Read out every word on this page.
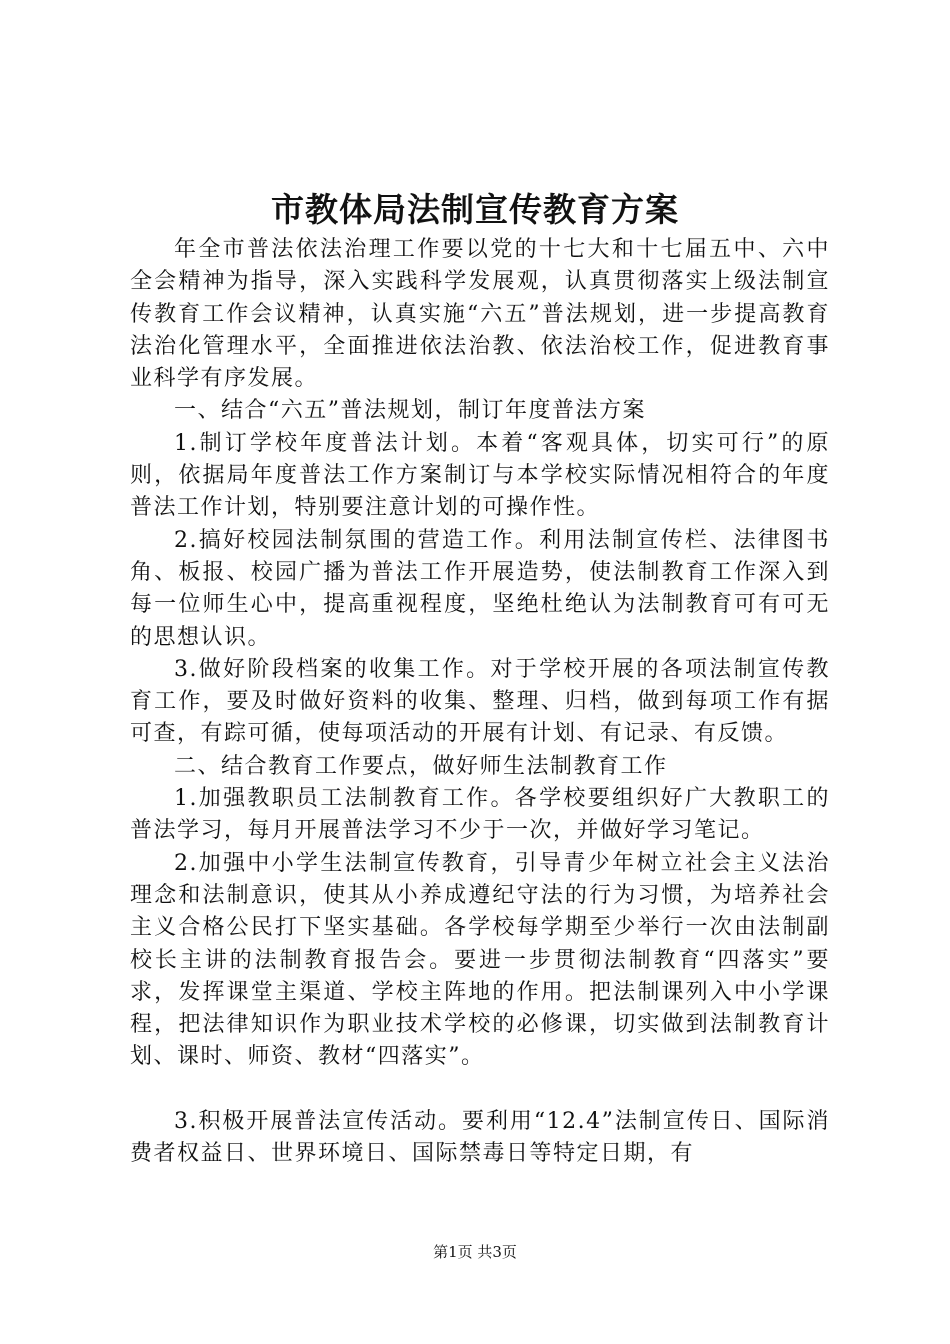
市教体局法制宣传教育方案

年全市普法依法治理工作要以党的十七大和十七届五中、六中全会精神为指导，深入实践科学发展观，认真贯彻落实上级法制宣传教育工作会议精神，认真实施“六五”普法规划，进一步提高教育法治化管理水平，全面推进依法治教、依法治校工作，促进教育事业科学有序发展。

一、结合“六五”普法规划，制订年度普法方案

1.制订学校年度普法计划。本着“客观具体，切实可行”的原则，依据局年度普法工作方案制订与本学校实际情况相符合的年度普法工作计划，特别要注意计划的可操作性。

2.搞好校园法制氛围的营造工作。利用法制宣传栏、法律图书角、板报、校园广播为普法工作开展造势，使法制教育工作深入到每一位师生心中，提高重视程度，坚绝杜绝认为法制教育可有可无的思想认识。

3.做好阶段档案的收集工作。对于学校开展的各项法制宣传教育工作，要及时做好资料的收集、整理、归档，做到每项工作有据可查，有踪可循，使每项活动的开展有计划、有记录、有反馈。

二、结合教育工作要点，做好师生法制教育工作

1.加强教职员工法制教育工作。各学校要组织好广大教职工的普法学习，每月开展普法学习不少于一次，并做好学习笔记。

2.加强中小学生法制宣传教育，引导青少年树立社会主义法治理念和法制意识，使其从小养成遵纪守法的行为习惯，为培养社会主义合格公民打下坚实基础。各学校每学期至少举行一次由法制副校长主讲的法制教育报告会。要进一步贯彻法制教育“四落实”要求，发挥课堂主渠道、学校主阵地的作用。把法制课列入中小学课程，把法律知识作为职业技术学校的必修课，切实做到法制教育计划、课时、师资、教材“四落实”。

3.积极开展普法宣传活动。要利用“12.4”法制宣传日、国际消费者权益日、世界环境日、国际禁毒日等特定日期，有

第1页 共3页
